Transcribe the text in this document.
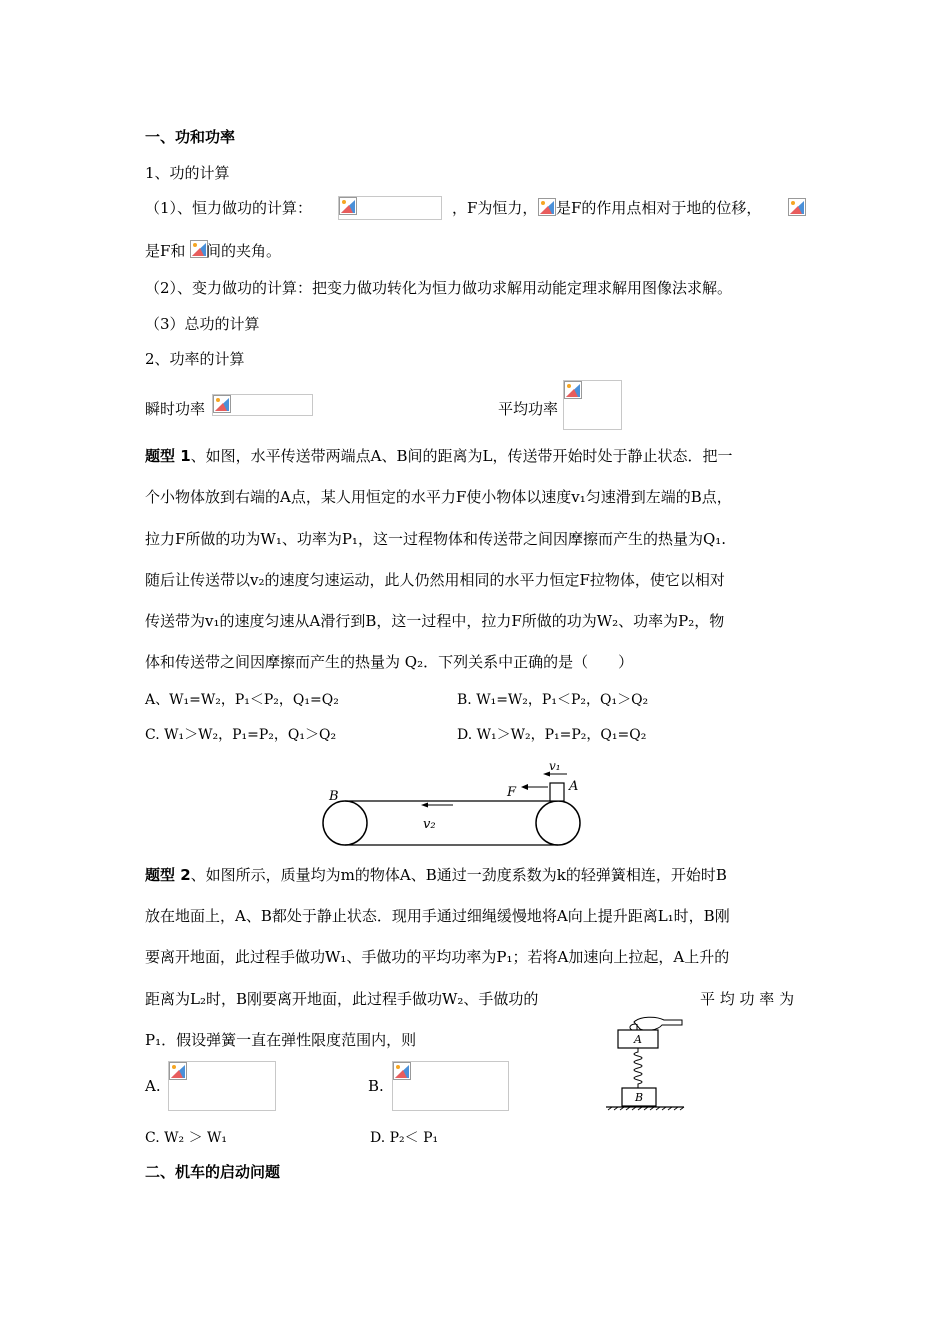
一、功和功率
1、功的计算
（1）、恒力做功的计算：	，F为恒力， 是F的作用点相对于地的位移，
是F和 间的夹角。
（2）、变力做功的计算：把变力做功转化为恒力做功求解用动能定理求解用图像法求解。
（3）总功的计算
2、功率的计算
瞬时功率	平均功率
题型 1、如图，水平传送带两端点A、B间的距离为L，传送带开始时处于静止状态．把一
个小物体放到右端的A点，某人用恒定的水平力F使小物体以速度v₁匀速滑到左端的B点，
拉力F所做的功为W₁、功率为P₁，这一过程物体和传送带之间因摩擦而产生的热量为Q₁.
随后让传送带以v₂的速度匀速运动，此人仍然用相同的水平力恒定F拉物体，使它以相对
传送带为v₁的速度匀速从A滑行到B，这一过程中，拉力F所做的功为W₂、功率为P₂，物
体和传送带之间因摩擦而产生的热量为 Q₂．下列关系中正确的是（　　）
A、W₁=W₂，P₁＜P₂，Q₁=Q₂	B. W₁=W₂，P₁＜P₂，Q₁＞Q₂
C. W₁＞W₂，P₁=P₂，Q₁＞Q₂	D. W₁＞W₂，P₁=P₂，Q₁=Q₂
B
A
F
v₁
v₂
题型 2、如图所示，质量均为m的物体A、B通过一劲度系数为k的轻弹簧相连，开始时B
放在地面上，A、B都处于静止状态．现用手通过细绳缓慢地将A向上提升距离L₁时，B刚
要离开地面，此过程手做功W₁、手做功的平均功率为P₁；若将A加速向上拉起，A上升的
距离为L₂时，B刚要离开地面，此过程手做功W₂、手做功的	平 均 功 率 为
P₁．假设弹簧一直在弹性限度范围内，则
A.	B.
C. W₂ ＞ W₁	D. P₂＜ P₁
A
B
二、机车的启动问题
